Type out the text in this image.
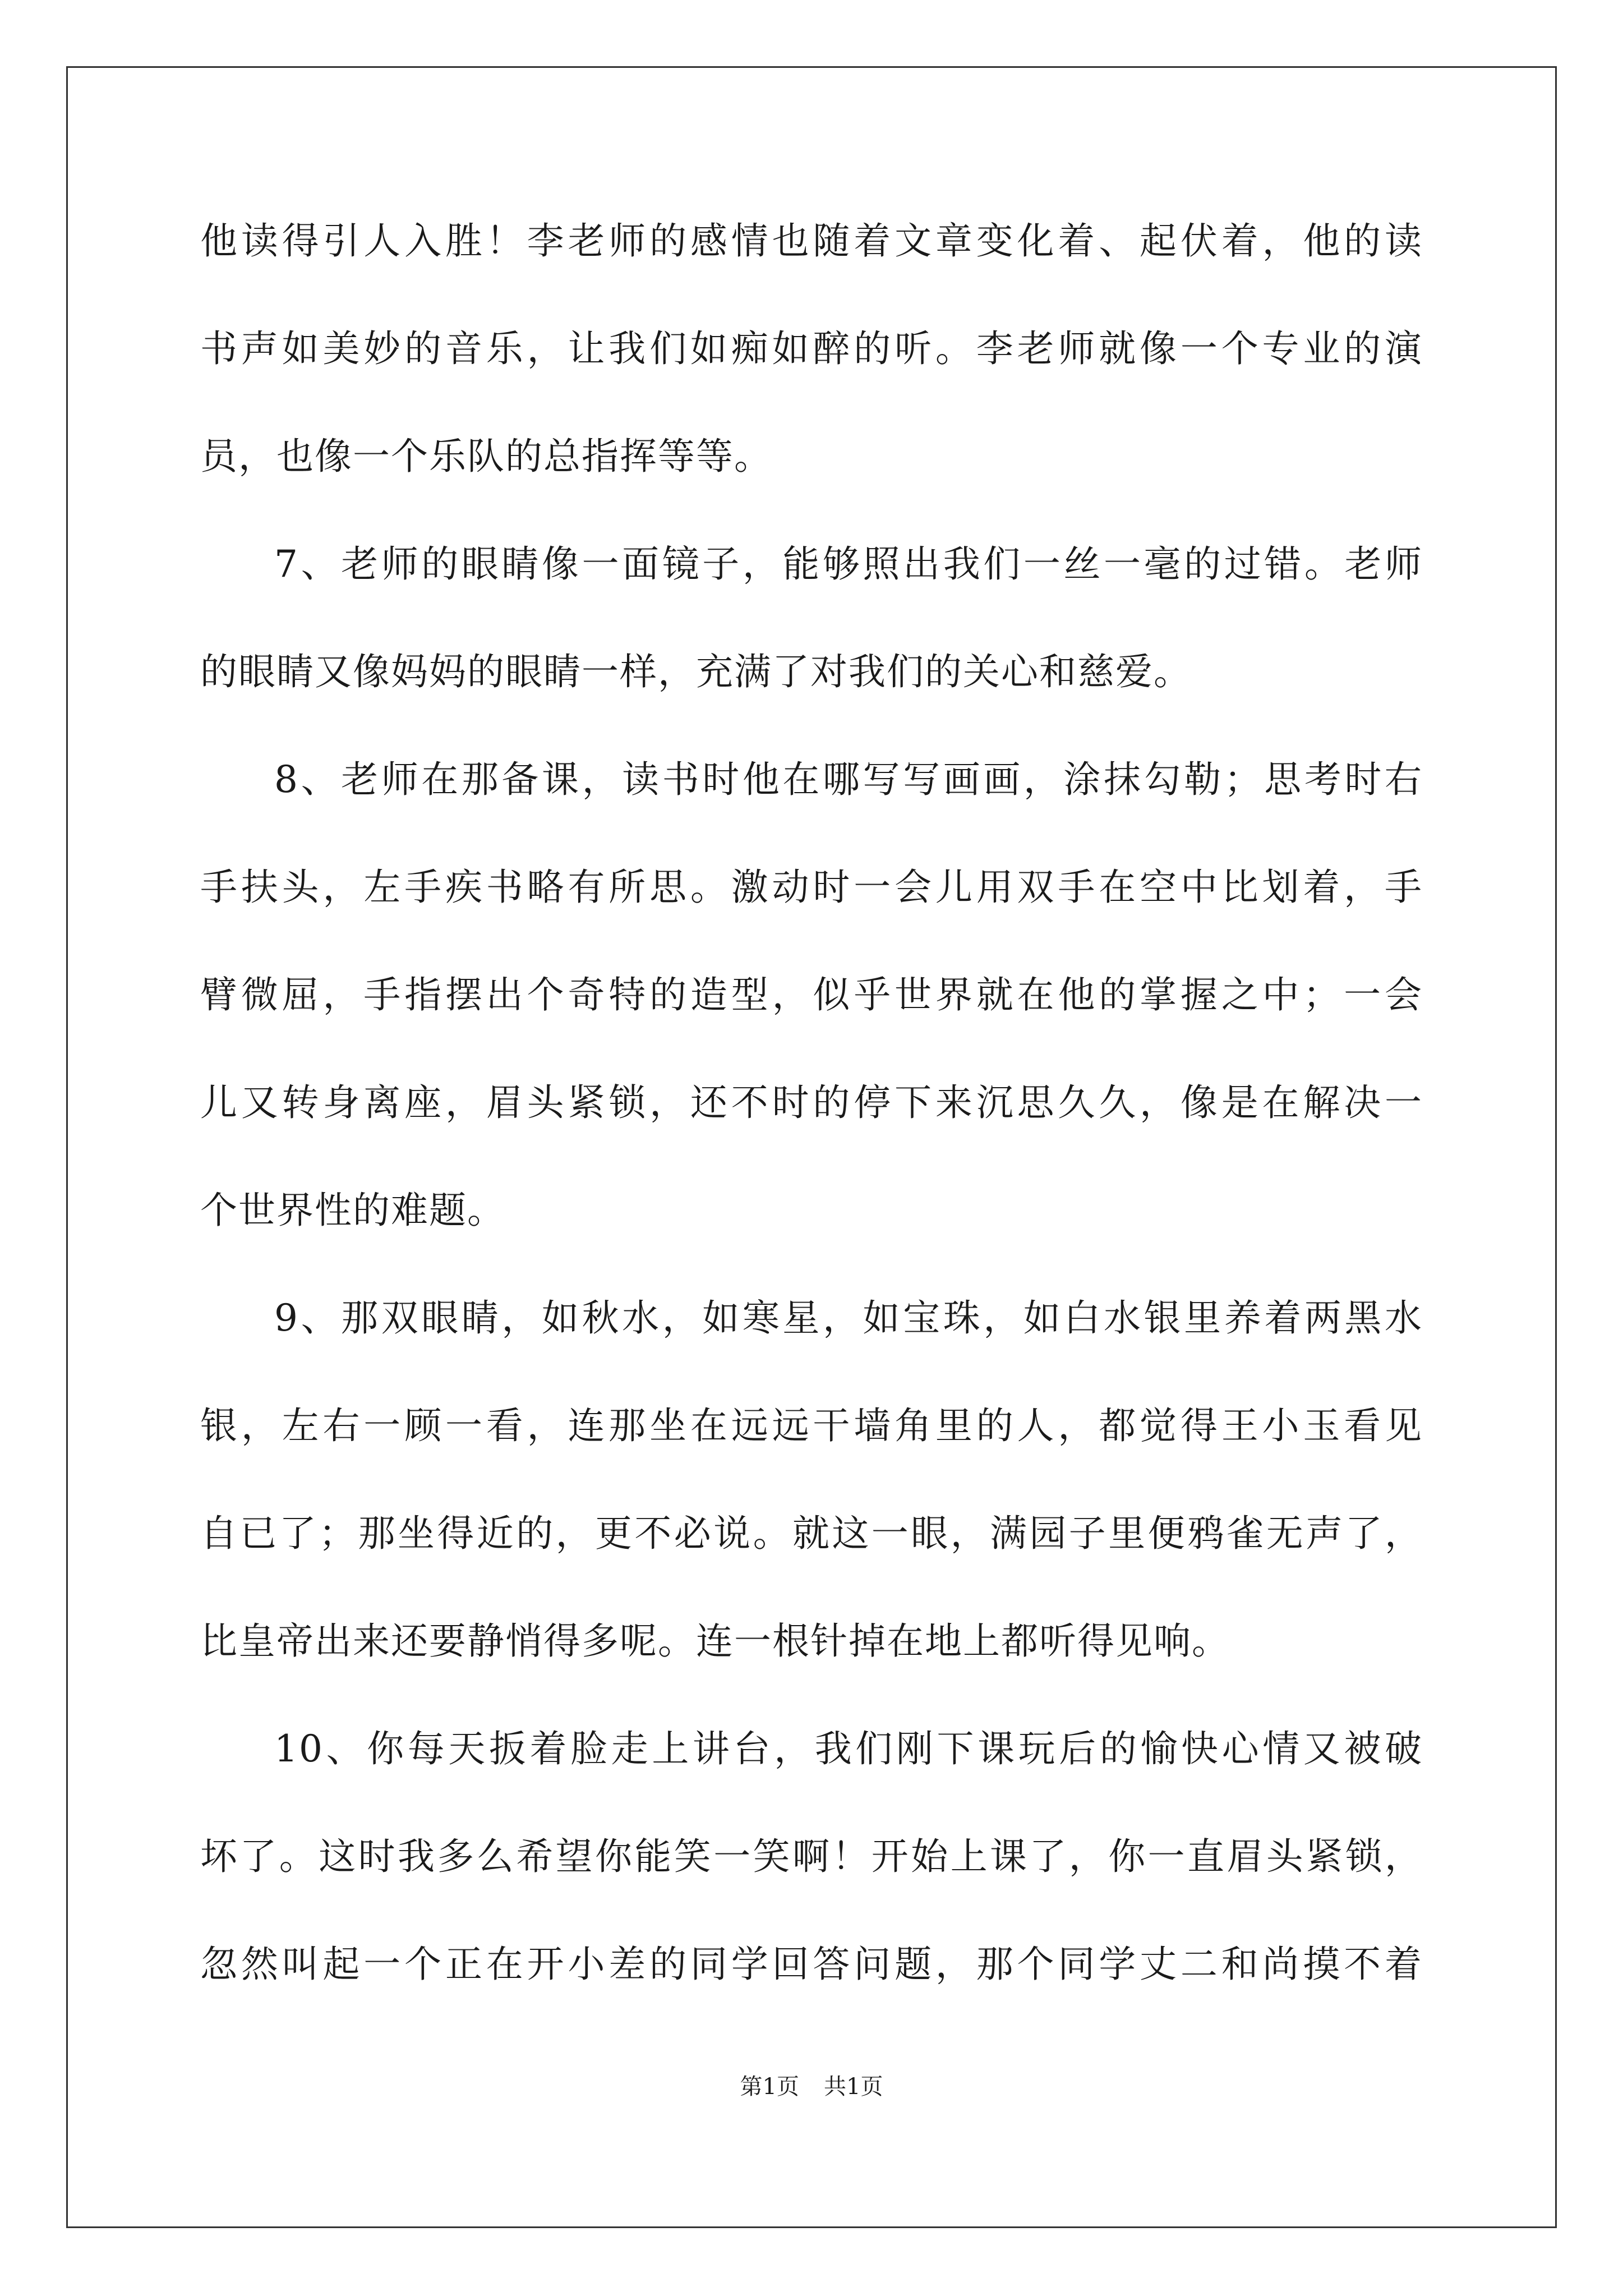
他读得引人入胜！李老师的感情也随着文章变化着、起伏着，他的读
书声如美妙的音乐，让我们如痴如醉的听。李老师就像一个专业的演
员，也像一个乐队的总指挥等等。
7、老师的眼睛像一面镜子，能够照出我们一丝一毫的过错。老师
的眼睛又像妈妈的眼睛一样，充满了对我们的关心和慈爱。
8、老师在那备课，读书时他在哪写写画画，涂抹勾勒；思考时右
手扶头，左手疾书略有所思。激动时一会儿用双手在空中比划着，手
臂微屈，手指摆出个奇特的造型，似乎世界就在他的掌握之中；一会
儿又转身离座，眉头紧锁，还不时的停下来沉思久久，像是在解决一
个世界性的难题。
9、那双眼睛，如秋水，如寒星，如宝珠，如白水银里养着两黑水
银，左右一顾一看，连那坐在远远干墙角里的人，都觉得王小玉看见
自已了；那坐得近的，更不必说。就这一眼，满园子里便鸦雀无声了，
比皇帝出来还要静悄得多呢。连一根针掉在地上都听得见响。
10、你每天扳着脸走上讲台，我们刚下课玩后的愉快心情又被破
坏了。这时我多么希望你能笑一笑啊！开始上课了，你一直眉头紧锁，
忽然叫起一个正在开小差的同学回答问题，那个同学丈二和尚摸不着
第1页 共1页
